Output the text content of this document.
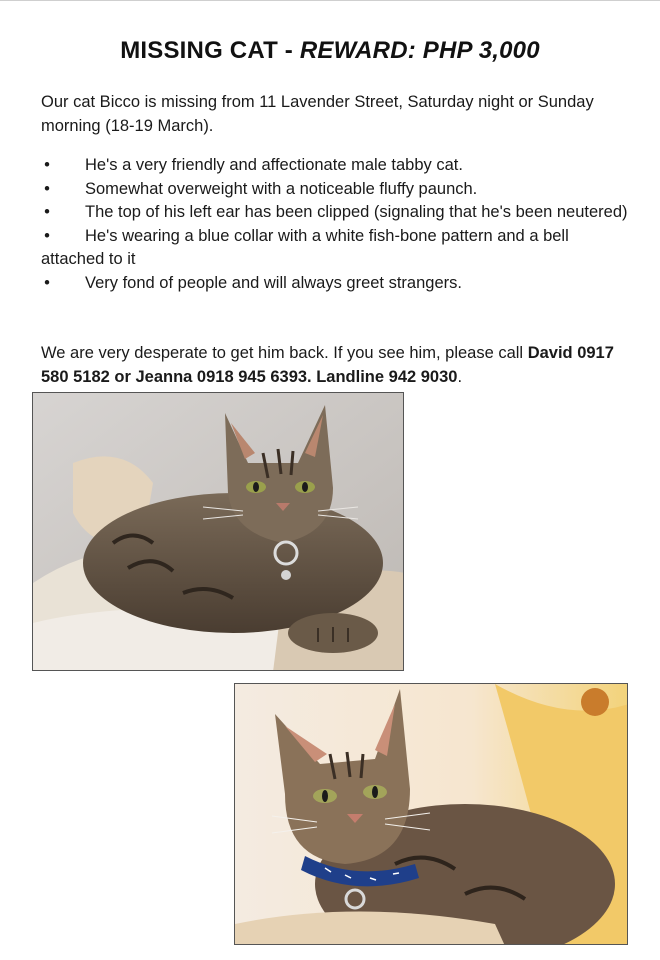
MISSING CAT - REWARD: PHP 3,000
Our cat Bicco is missing from 11 Lavender Street, Saturday night or Sunday morning (18-19 March).
• He's a very friendly and affectionate male tabby cat.
• Somewhat overweight with a noticeable fluffy paunch.
• The top of his left ear has been clipped (signaling that he's been neutered)
• He's wearing a blue collar with a white fish-bone pattern and a bell attached to it
• Very fond of people and will always greet strangers.
We are very desperate to get him back. If you see him, please call David 0917 580 5182 or Jeanna 0918 945 6393. Landline 942 9030.
